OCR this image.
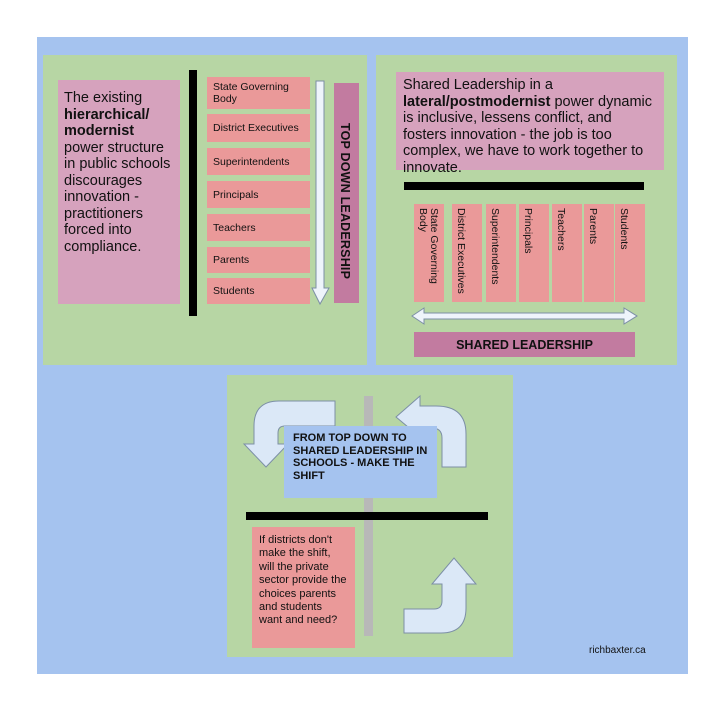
The existing hierarchical/ modernist power structure in public schools discourages innovation - practitioners forced into compliance.
State Governing Body
District Executives
Superintendents
Principals
Teachers
Parents
Students
TOP DOWN LEADERSHIP
Shared Leadership in a lateral/postmodernist power dynamic is inclusive, lessens conflict, and fosters innovation - the job is too complex, we have to work together to innovate.
State Governing Body	District Executives Superintendents Principals Teachers Parents Students
SHARED LEADERSHIP
FROM TOP DOWN TO SHARED LEADERSHIP IN SCHOOLS - MAKE THE SHIFT
If districts don't make the shift, will the private sector provide the choices parents and students want and need?
richbaxter.ca
